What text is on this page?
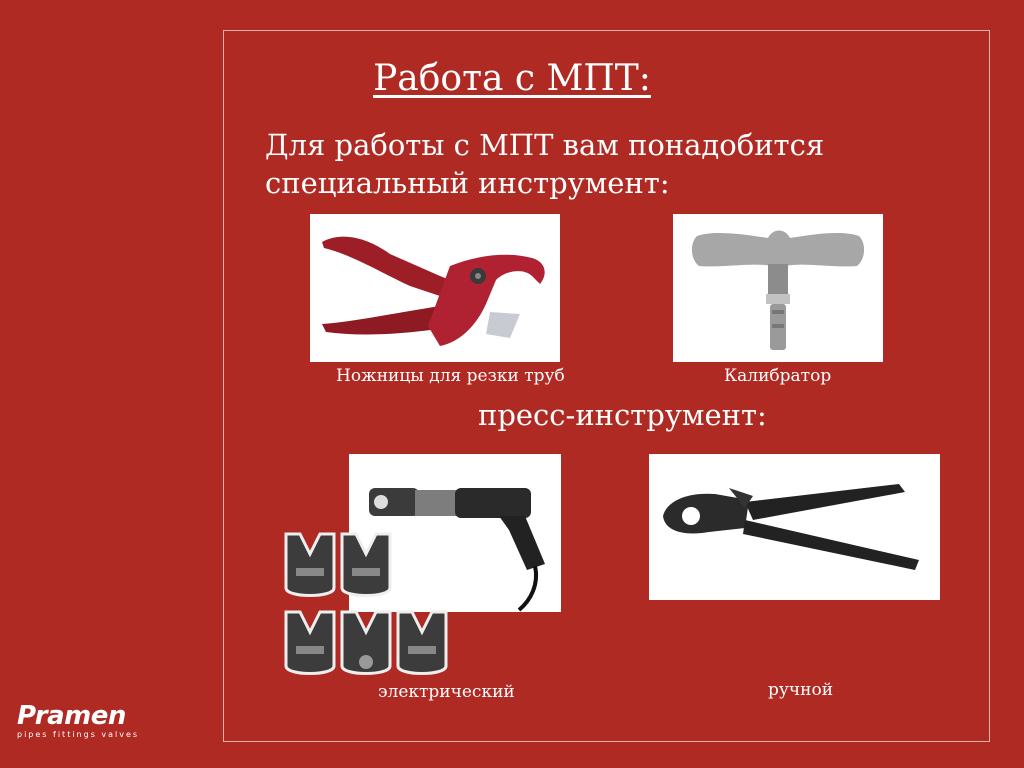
Работа с МПТ:
Для работы с МПТ вам понадобится специальный инструмент:
Ножницы для резки труб	Калибратор
пресс-инструмент:
электрический	ручной
Pramen
pipes fittings valves
